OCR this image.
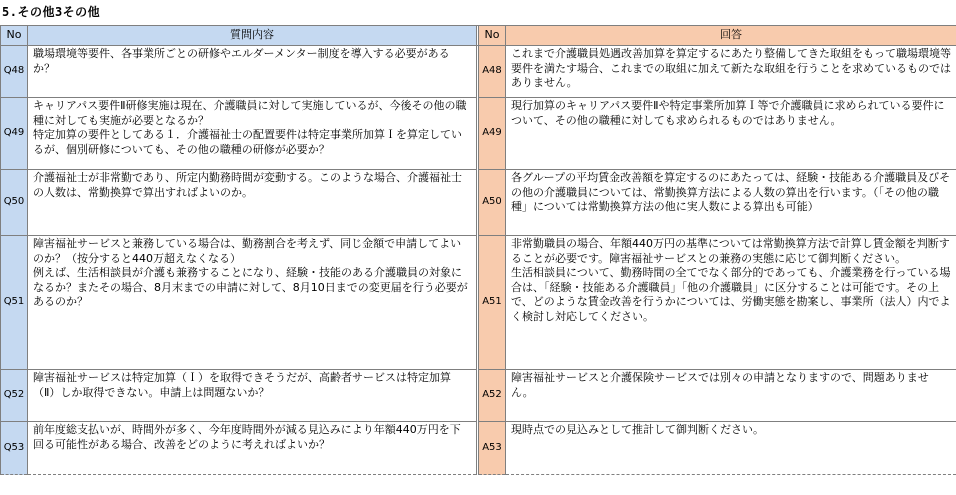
5.その他3その他
No	質問内容		No	回答
Q48	職場環境等要件、各事業所ごとの研修やエルダーメンター制度を導入する必要があるか？		A48	これまで介護職員処遇改善加算を算定するにあたり整備してきた取組をもって職場環境等要件を満たす場合、これまでの取組に加えて新たな取組を行うことを求めているものではありません。
Q49	キャリアパス要件Ⅱ研修実施は現在、介護職員に対して実施しているが、今後その他の職種に対しても実施が必要となるか？
特定加算の要件としてある１．介護福祉士の配置要件は特定事業所加算Ｉを算定しているが、個別研修についても、その他の職種の研修が必要か？		A49	現行加算のキャリアパス要件Ⅱや特定事業所加算Ｉ等で介護職員に求められている要件について、その他の職種に対しても求められるものではありません。
Q50	介護福祉士が非常勤であり、所定内勤務時間が変動する。このような場合、介護福祉士の人数は、常勤換算で算出すればよいのか。		A50	各グループの平均賃金改善額を算定するのにあたっては、経験・技能ある介護職員及びその他の介護職員については、常勤換算方法による人数の算出を行います。（「その他の職種」については常勤換算方法の他に実人数による算出も可能）
Q51	障害福祉サービスと兼務している場合は、勤務割合を考えず、同じ金額で申請してよいのか？（按分すると440万超えなくなる）
例えば、生活相談員が介護も兼務することになり、経験・技能のある介護職員の対象になるか？またその場合、8月末までの申請に対して、8月10日までの変更届を行う必要があるのか？		A51	非常勤職員の場合、年額440万円の基準については常勤換算方法で計算し賃金額を判断することが必要です。障害福祉サービスとの兼務の実態に応じて御判断ください。
生活相談員について、勤務時間の全てでなく部分的であっても、介護業務を行っている場合は、「経験・技能ある介護職員」「他の介護職員」に区分することは可能です。その上で、どのような賃金改善を行うかについては、労働実態を勘案し、事業所（法人）内でよく検討し対応してください。
Q52	障害福祉サービスは特定加算（Ｉ）を取得できそうだが、高齢者サービスは特定加算（Ⅱ）しか取得できない。申請上は問題ないか？		A52	障害福祉サービスと介護保険サービスでは別々の申請となりますので、問題ありません。
Q53	前年度総支払いが、時間外が多く、今年度時間外が減る見込みにより年額440万円を下回る可能性がある場合、改善をどのように考えればよいか？		A53	現時点での見込みとして推計して御判断ください。
